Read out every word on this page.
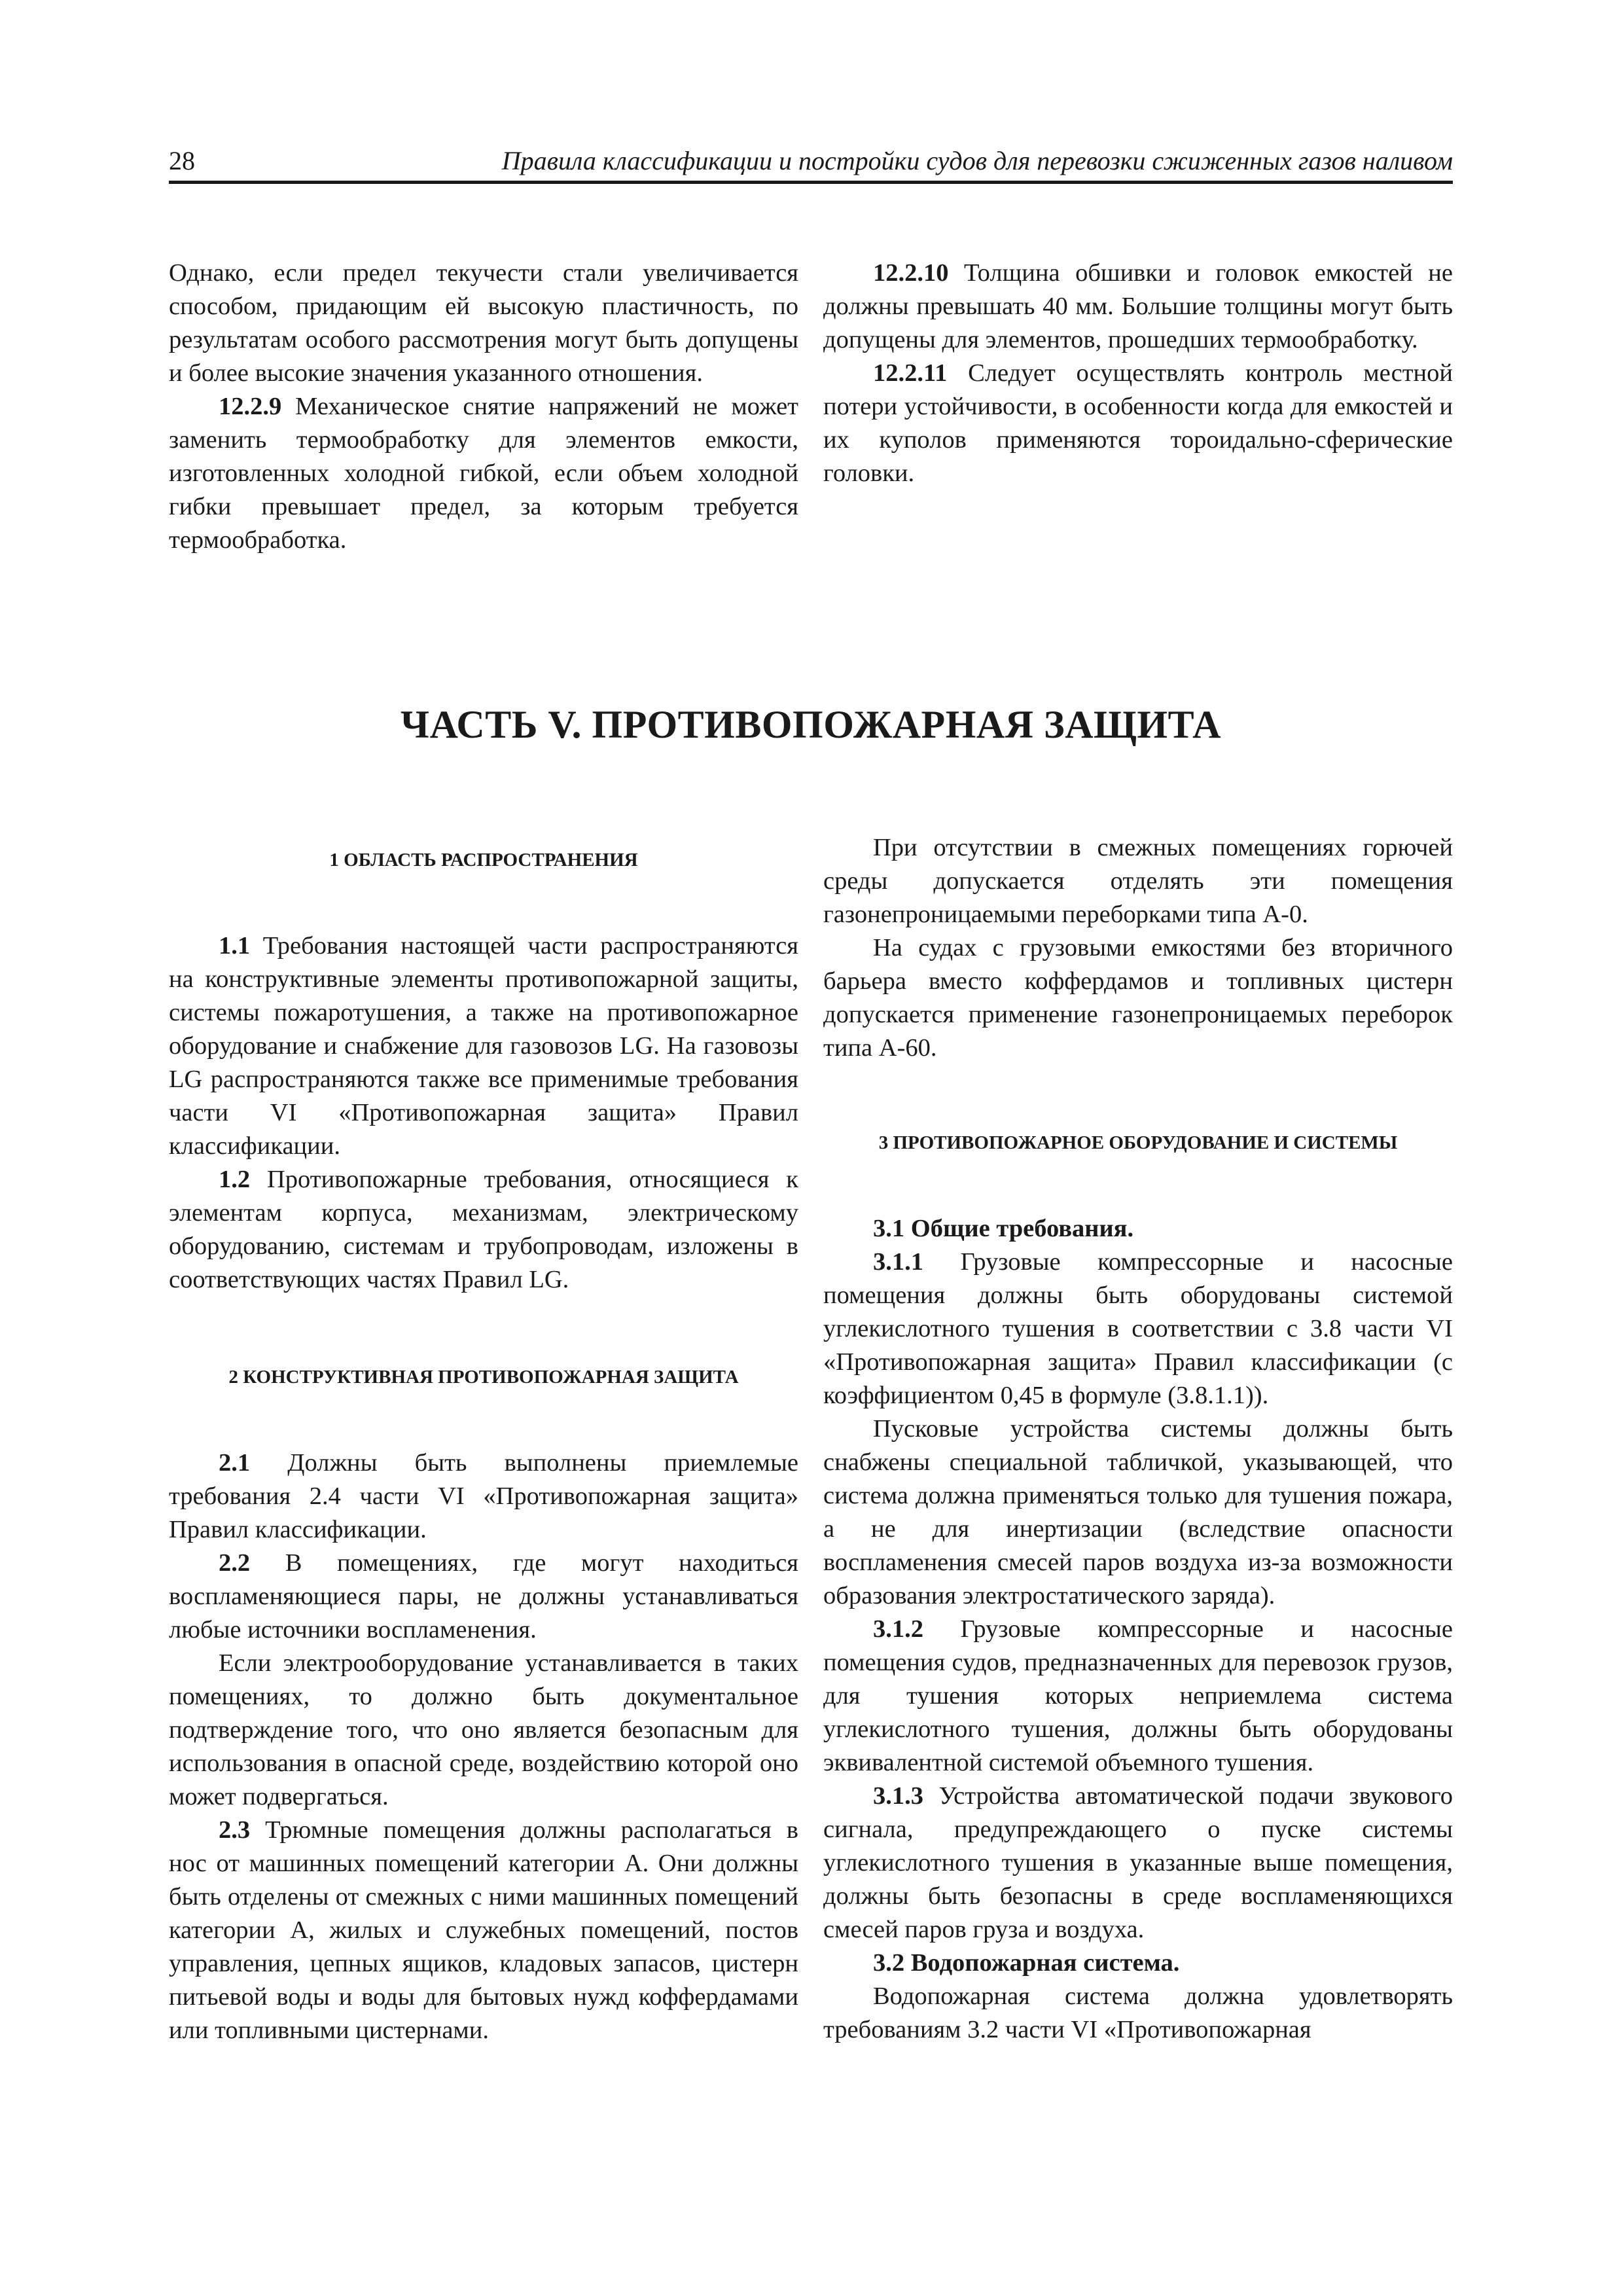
28	Правила классификации и постройки судов для перевозки сжиженных газов наливом

Однако, если предел текучести стали увеличивается способом, придающим ей высокую пластичность, по результатам особого рассмотрения могут быть допущены и более высокие значения указанного отношения.

12.2.9 Механическое снятие напряжений не может заменить термообработку для элементов емкости, изготовленных холодной гибкой, если объем холодной гибки превышает предел, за которым требуется термообработка.

12.2.10 Толщина обшивки и головок емкостей не должны превышать 40 мм. Большие толщины могут быть допущены для элементов, прошедших термообработку.

12.2.11 Следует осуществлять контроль местной потери устойчивости, в особенности когда для емкостей и их куполов применяются тороидально-сферические головки.

ЧАСТЬ V. ПРОТИВОПОЖАРНАЯ ЗАЩИТА
1 ОБЛАСТЬ РАСПРОСТРАНЕНИЯ

1.1 Требования настоящей части распространяются на конструктивные элементы противопожарной защиты, системы пожаротушения, а также на противопожарное оборудование и снабжение для газовозов LG. На газовозы LG распространяются также все применимые требования части VI «Противопожарная защита» Правил классификации.

1.2 Противопожарные требования, относящиеся к элементам корпуса, механизмам, электрическому оборудованию, системам и трубопроводам, изложены в соответствующих частях Правил LG.

2 КОНСТРУКТИВНАЯ ПРОТИВОПОЖАРНАЯ ЗАЩИТА

2.1 Должны быть выполнены приемлемые требования 2.4 части VI «Противопожарная защита» Правил классификации.

2.2 В помещениях, где могут находиться воспламеняющиеся пары, не должны устанавливаться любые источники воспламенения.

Если электрооборудование устанавливается в таких помещениях, то должно быть документальное подтверждение того, что оно является безопасным для использования в опасной среде, воздействию которой оно может подвергаться.

2.3 Трюмные помещения должны располагаться в нос от машинных помещений категории А. Они должны быть отделены от смежных с ними машинных помещений категории А, жилых и служебных помещений, постов управления, цепных ящиков, кладовых запасов, цистерн питьевой воды и воды для бытовых нужд коффердамами или топливными цистернами.

При отсутствии в смежных помещениях горючей среды допускается отделять эти помещения газонепроницаемыми переборками типа А-0.

На судах с грузовыми емкостями без вторичного барьера вместо коффердамов и топливных цистерн допускается применение газонепроницаемых переборок типа А-60.

3 ПРОТИВОПОЖАРНОЕ ОБОРУДОВАНИЕ И СИСТЕМЫ

3.1 Общие требования.

3.1.1 Грузовые компрессорные и насосные помещения должны быть оборудованы системой углекислотного тушения в соответствии с 3.8 части VI «Противопожарная защита» Правил классификации (с коэффициентом 0,45 в формуле (3.8.1.1)).

Пусковые устройства системы должны быть снабжены специальной табличкой, указывающей, что система должна применяться только для тушения пожара, а не для инертизации (вследствие опасности воспламенения смесей паров воздуха из-за возможности образования электростатического заряда).

3.1.2 Грузовые компрессорные и насосные помещения судов, предназначенных для перевозок грузов, для тушения которых неприемлема система углекислотного тушения, должны быть оборудованы эквивалентной системой объемного тушения.

3.1.3 Устройства автоматической подачи звукового сигнала, предупреждающего о пуске системы углекислотного тушения в указанные выше помещения, должны быть безопасны в среде воспламеняющихся смесей паров груза и воздуха.

3.2 Водопожарная система.

Водопожарная система должна удовлетворять требованиям 3.2 части VI «Противопожарная
